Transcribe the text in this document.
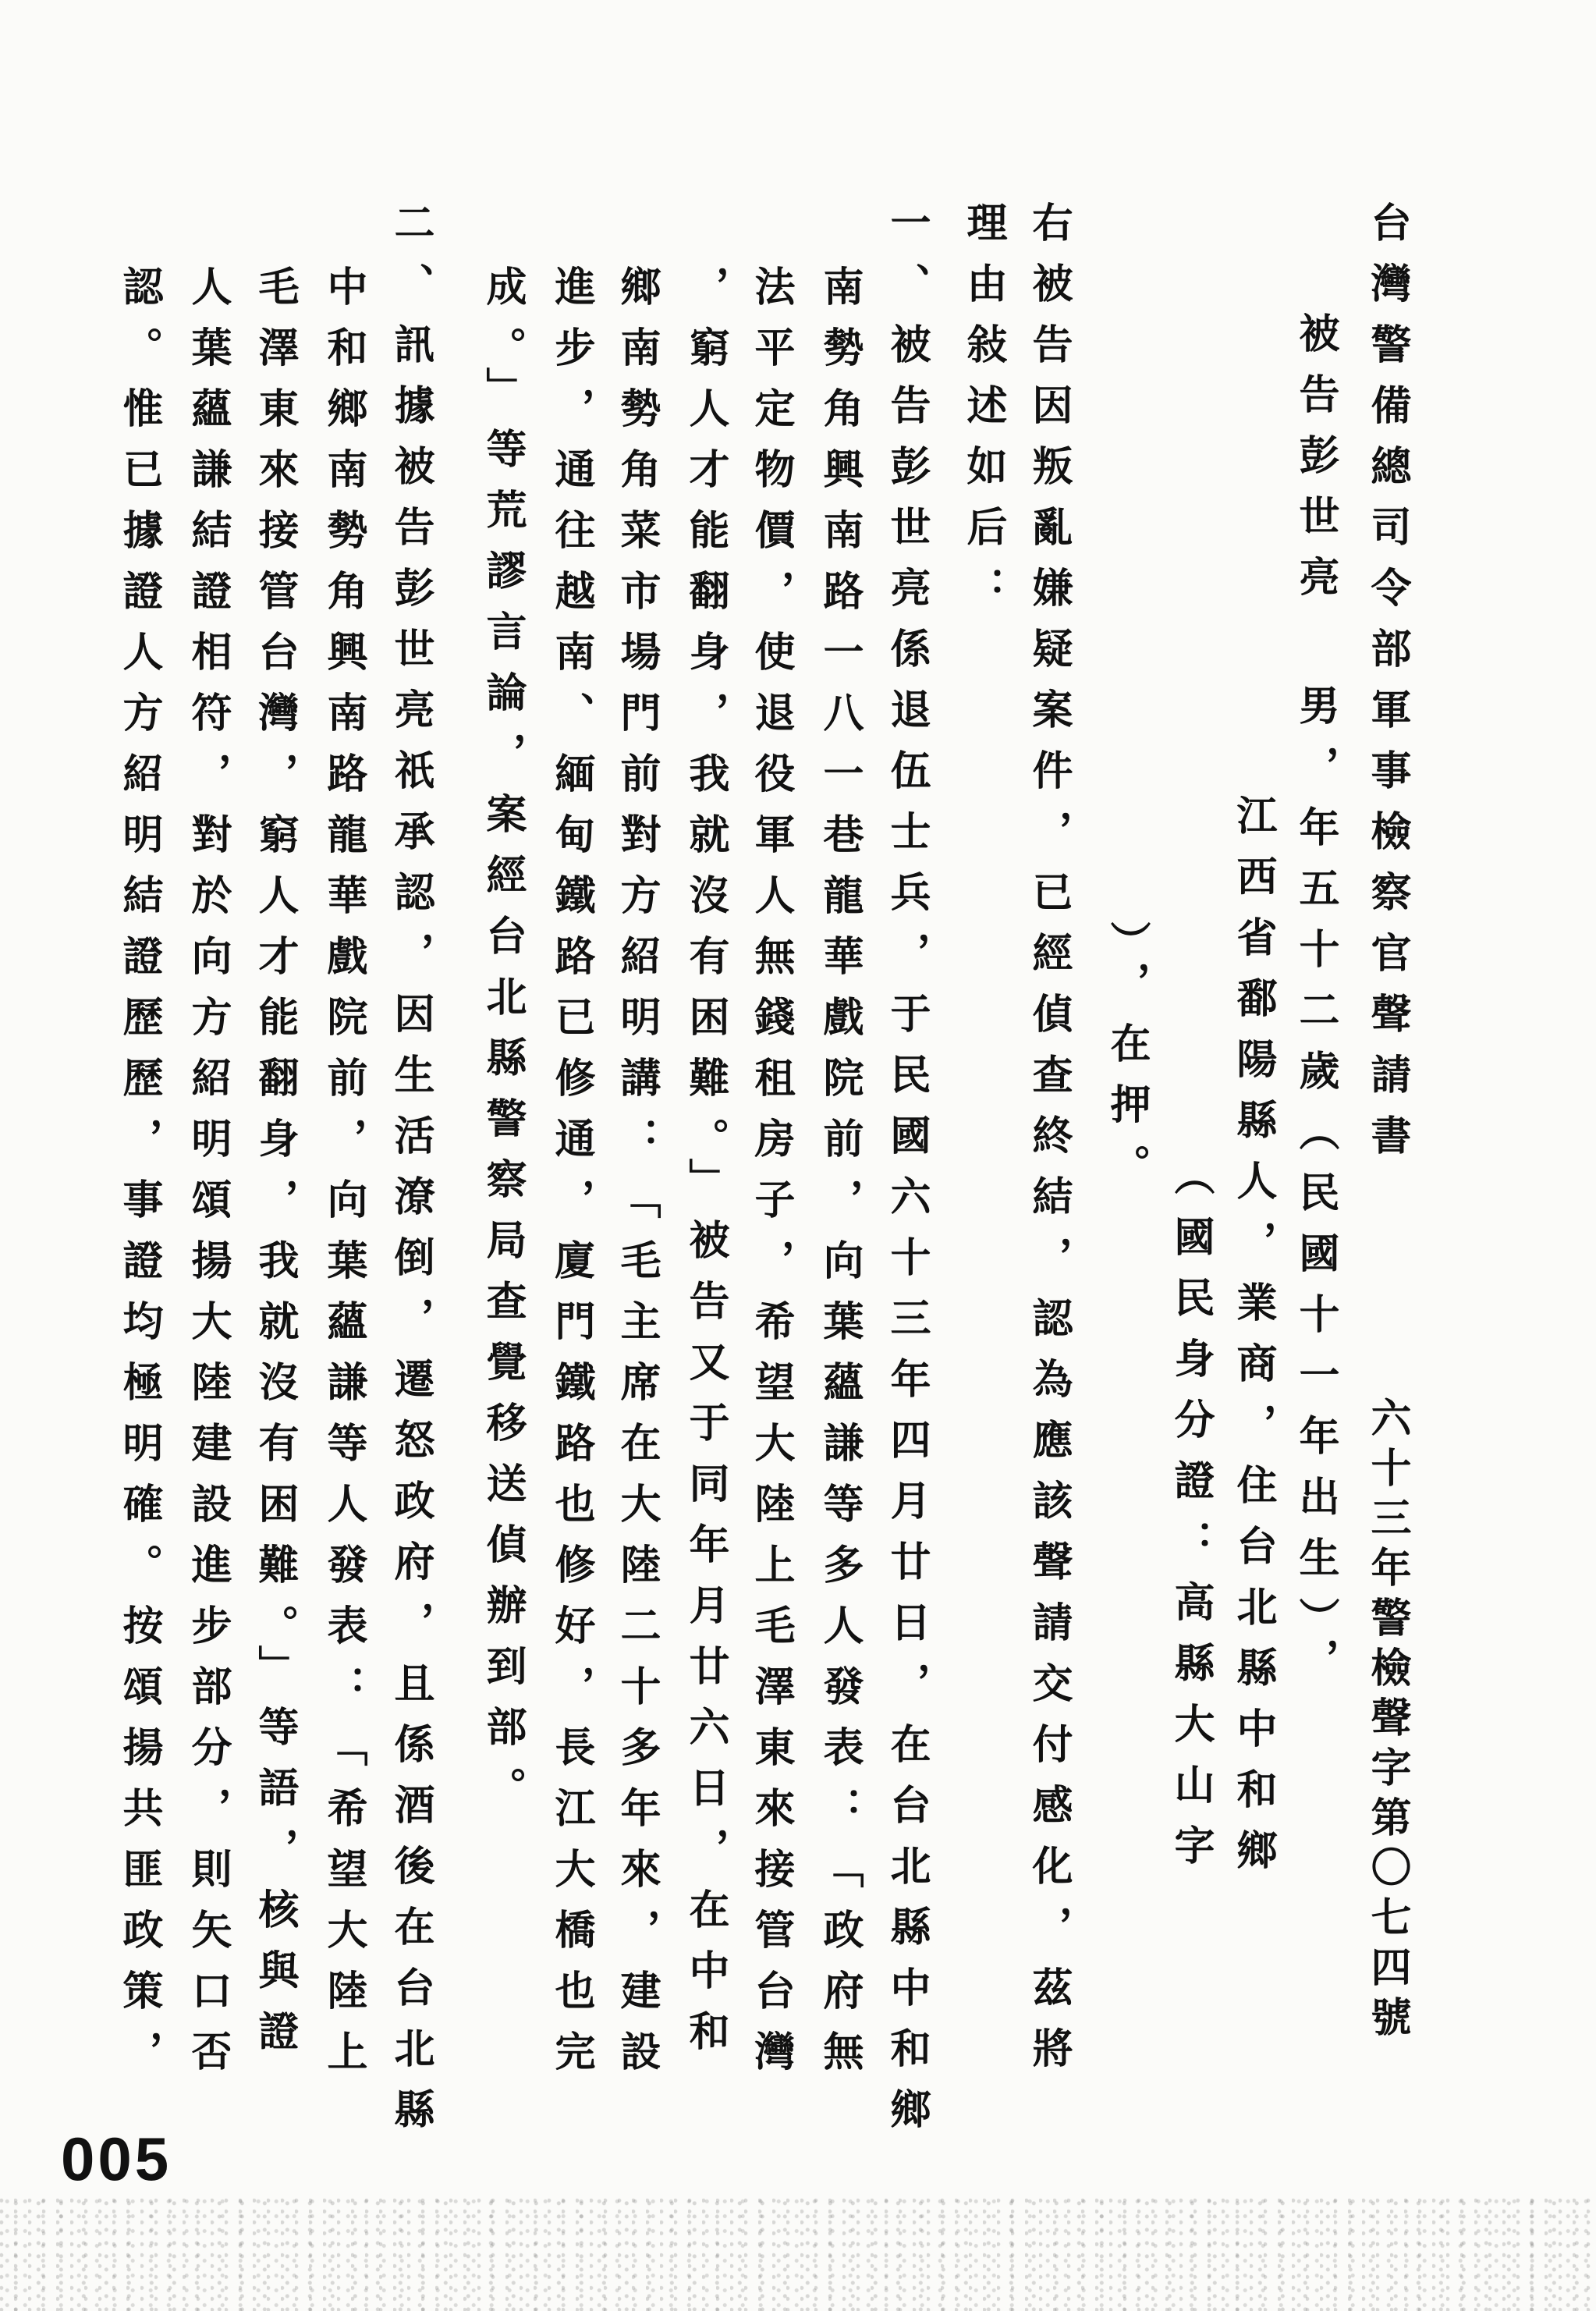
台灣警備總司令部軍事檢察官聲請書
六十三年警檢聲字第〇七四號
被告彭世亮 男，年五十二歲（民國十一年出生），
江西省鄱陽縣人，業商，住台北縣中和鄉
（國民身分證：高縣大山字
），在押。
右被告因叛亂嫌疑案件，已經偵查終結，認為應該聲請交付感化，茲將
理由敍述如后：
一、被告彭世亮係退伍士兵，于民國六十三年四月廿日，在台北縣中和鄉
南勢角興南路一八一巷龍華戲院前，向葉蘊謙等多人發表：「政府無
法平定物價，使退役軍人無錢租房子，希望大陸上毛澤東來接管台灣
，窮人才能翻身，我就沒有困難。」被告又于同年月廿六日，在中和
鄉南勢角菜市場門前對方紹明講：「毛主席在大陸二十多年來，建設
進步，通往越南、緬甸鐵路已修通，廈門鐵路也修好，長江大橋也完
成。」等荒謬言論，案經台北縣警察局查覺移送偵辦到部。
二、訊據被告彭世亮祇承認，因生活潦倒，遷怒政府，且係酒後在台北縣
中和鄉南勢角興南路龍華戲院前，向葉蘊謙等人發表：「希望大陸上
毛澤東來接管台灣，窮人才能翻身，我就沒有困難。」等語，核與證
人葉蘊謙結證相符，對於向方紹明頌揚大陸建設進步部分，則矢口否
認。惟已據證人方紹明結證歷歷，事證均極明確。按頌揚共匪政策，
005
